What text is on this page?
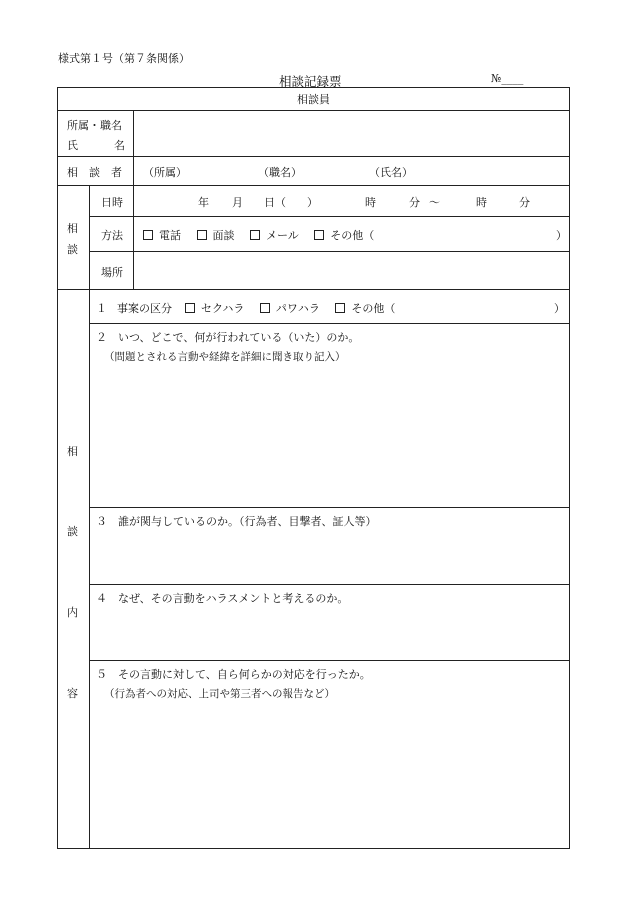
様式第１号（第７条関係）
相談記録票	№____
相談員
所属・職名
氏	名
相　談　者 （所属）	（職名）	（氏名）
相
談
日時	年 月 日（ ）	時	分 ～	時	分
方法	電話	面談	メール	その他（	）
場所
相
談
内
容
１ 事案の区分	セクハラ	パワハラ	その他（	）
２　いつ、どこで、何が行われている（いた）のか。
（問題とされる言動や経緯を詳細に聞き取り記入）
３　誰が関与しているのか。（行為者、目撃者、証人等）
４　なぜ、その言動をハラスメントと考えるのか。
５　その言動に対して、自ら何らかの対応を行ったか。
（行為者への対応、上司や第三者への報告など）
